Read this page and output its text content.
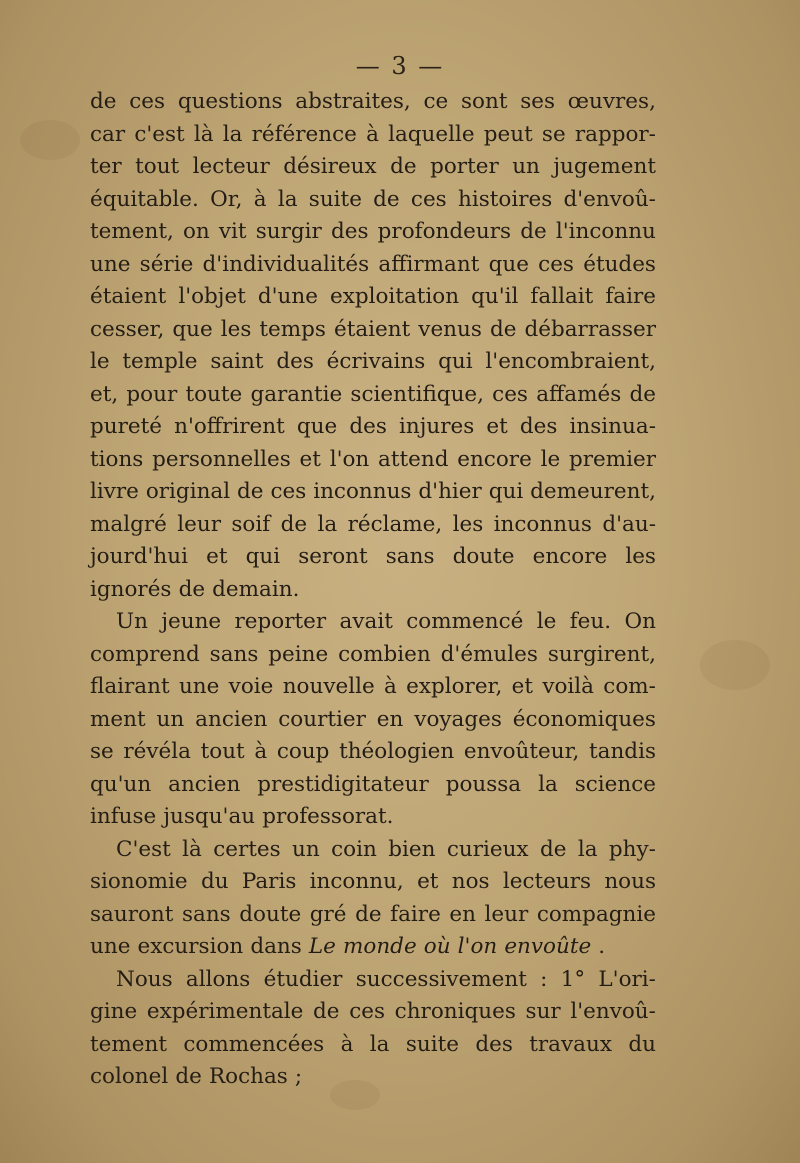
— 3 —
de ces questions abstraites, ce sont ses œuvres,
car c'est là la référence à laquelle peut se rappor-
ter tout lecteur désireux de porter un jugement
équitable. Or, à la suite de ces histoires d'envoû-
tement, on vit surgir des profondeurs de l'inconnu
une série d'individualités affirmant que ces études
étaient l'objet d'une exploitation qu'il fallait faire
cesser, que les temps étaient venus de débarrasser
le temple saint des écrivains qui l'encombraient,
et, pour toute garantie scientifique, ces affamés de
pureté n'offrirent que des injures et des insinua-
tions personnelles et l'on attend encore le premier
livre original de ces inconnus d'hier qui demeurent,
malgré leur soif de la réclame, les inconnus d'au-
jourd'hui et qui seront sans doute encore les
ignorés de demain.
Un jeune reporter avait commencé le feu. On
comprend sans peine combien d'émules surgirent,
flairant une voie nouvelle à explorer, et voilà com-
ment un ancien courtier en voyages économiques
se révéla tout à coup théologien envoûteur, tandis
qu'un ancien prestidigitateur poussa la science
infuse jusqu'au professorat.
C'est là certes un coin bien curieux de la phy-
sionomie du Paris inconnu, et nos lecteurs nous
sauront sans doute gré de faire en leur compagnie
une excursion dans Le monde où l'on envoûte .
Nous allons étudier successivement : 1° L'ori-
gine expérimentale de ces chroniques sur l'envoû-
tement commencées à la suite des travaux du
colonel de Rochas ;
